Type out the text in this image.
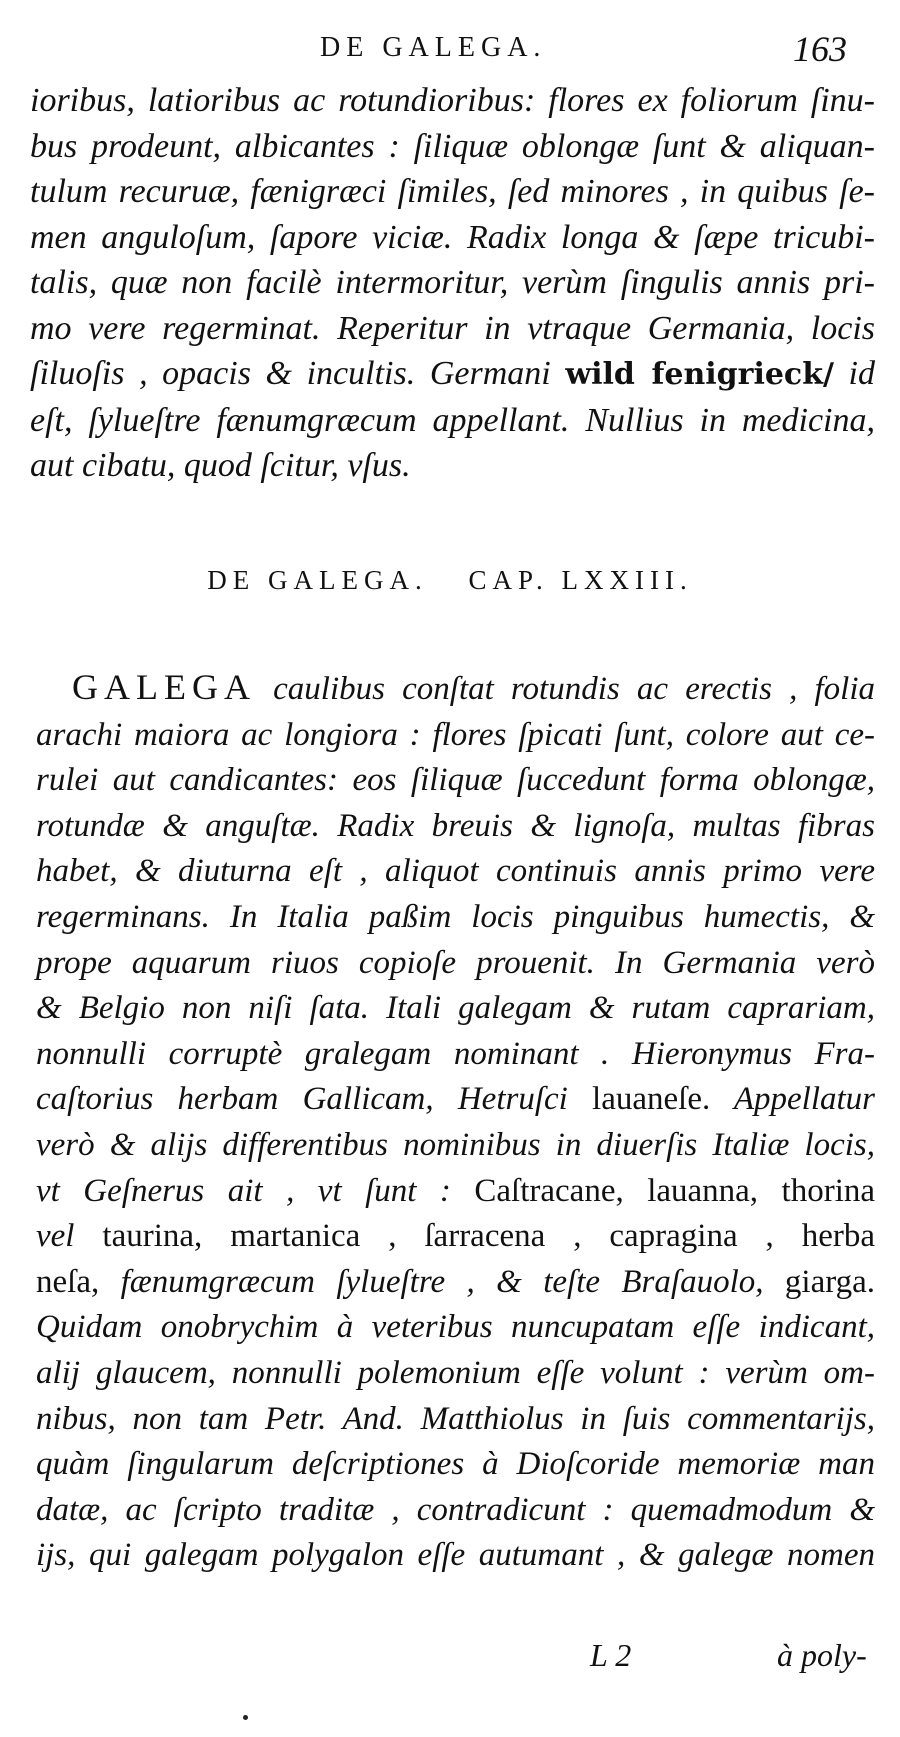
DE GALEGA.	163
ioribus, latioribus ac rotundioribus: flores ex foliorum ſinu-
bus prodeunt, albicantes : ſiliquæ oblongæ ſunt & aliquan-
tulum recuruæ, fænigræci ſimiles, ſed minores , in quibus ſe-
men anguloſum, ſapore viciæ. Radix longa & ſæpe tricubi-
talis, quæ non facilè intermoritur, verùm ſingulis annis pri-
mo vere regerminat. Reperitur in vtraque Germania, locis
ſiluoſis , opacis & incultis. Germani wild fenigrieck/ id
eſt, ſylueſtre fænumgræcum appellant. Nullius in medicina,
aut cibatu, quod ſcitur, vſus.
DE GALEGA. CAP. LXXIII.
GALEGA caulibus conſtat rotundis ac erectis , folia
arachi maiora ac longiora : flores ſpicati ſunt, colore aut ce-
rulei aut candicantes: eos ſiliquæ ſuccedunt forma oblongæ,
rotundæ & anguſtæ. Radix breuis & lignoſa, multas fibras
habet, & diuturna eſt , aliquot continuis annis primo vere
regerminans. In Italia paßim locis pinguibus humectis, &
prope aquarum riuos copioſe prouenit. In Germania verò
& Belgio non niſi ſata. Itali galegam & rutam caprariam,
nonnulli corruptè gralegam nominant . Hieronymus Fra-
caſtorius herbam Gallicam, Hetruſci lauaneſe. Appellatur
verò & alijs differentibus nominibus in diuerſis Italiæ locis,
vt Geſnerus ait , vt ſunt : Caſtracane, lauanna, thorina
vel taurina, martanica , ſarracena , capragina , herba
neſa, fænumgræcum ſylueſtre , & teſte Braſauolo, giarga.
Quidam onobrychim à veteribus nuncupatam eſſe indicant,
alij glaucem, nonnulli polemonium eſſe volunt : verùm om-
nibus, non tam Petr. And. Matthiolus in ſuis commentarijs,
quàm ſingularum deſcriptiones à Dioſcoride memoriæ man
datæ, ac ſcripto traditæ , contradicunt : quemadmodum &
ijs, qui galegam polygalon eſſe autumant , & galegæ nomen
L 2	à poly-
